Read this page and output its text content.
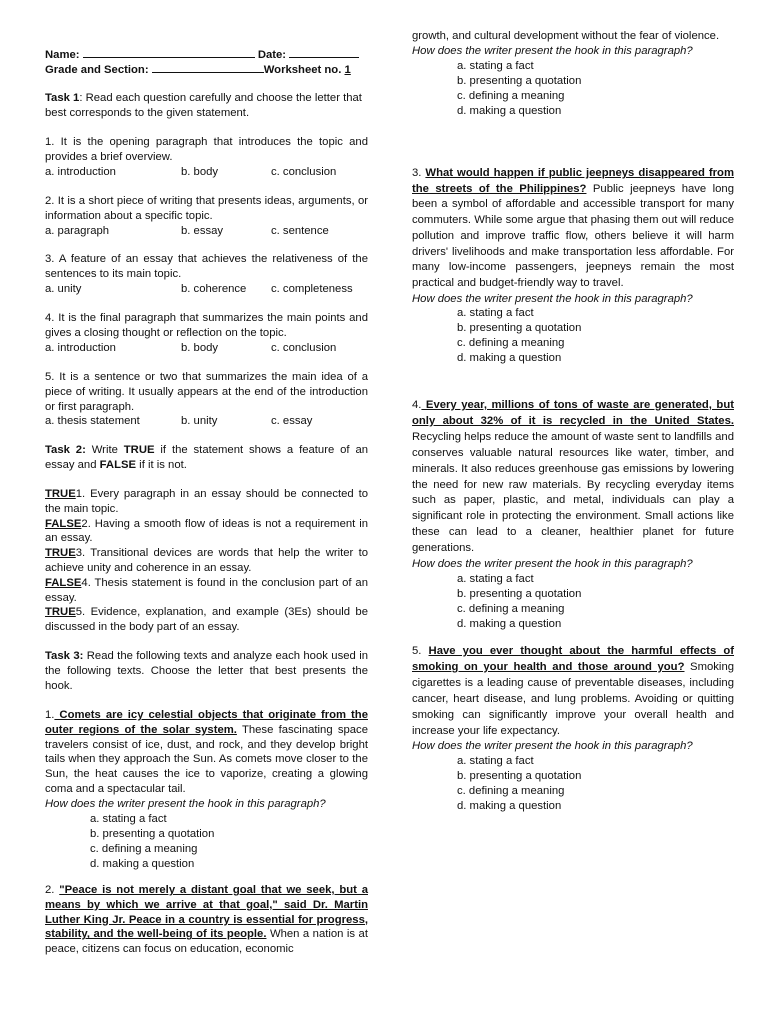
Name:	Date:
Grade and Section:	Worksheet no. 1
Task 1: Read each question carefully and choose the letter that best corresponds to the given statement.
1. It is the opening paragraph that introduces the topic and provides a brief overview.
a. introduction	b. body	c. conclusion
2. It is a short piece of writing that presents ideas, arguments, or information about a specific topic.
a. paragraph	b. essay	c. sentence
3. A feature of an essay that achieves the relativeness of the sentences to its main topic.
a. unity	b. coherence	c. completeness
4. It is the final paragraph that summarizes the main points and gives a closing thought or reflection on the topic.
a. introduction	b. body	c. conclusion
5. It is a sentence or two that summarizes the main idea of a piece of writing. It usually appears at the end of the introduction or first paragraph.
a. thesis statement	b. unity	c. essay
Task 2: Write TRUE if the statement shows a feature of an essay and FALSE if it is not.
TRUE1. Every paragraph in an essay should be connected to the main topic.
FALSE2. Having a smooth flow of ideas is not a requirement in an essay.
TRUE3. Transitional devices are words that help the writer to achieve unity and coherence in an essay.
FALSE4. Thesis statement is found in the conclusion part of an essay.
TRUE5. Evidence, explanation, and example (3Es) should be discussed in the body part of an essay.
Task 3: Read the following texts and analyze each hook used in the following texts. Choose the letter that best presents the hook.
1. Comets are icy celestial objects that originate from the outer regions of the solar system. These fascinating space travelers consist of ice, dust, and rock, and they develop bright tails when they approach the Sun. As comets move closer to the Sun, the heat causes the ice to vaporize, creating a glowing coma and a spectacular tail.
How does the writer present the hook in this paragraph?
a. stating a fact
b. presenting a quotation
c. defining a meaning
d. making a question
2. "Peace is not merely a distant goal that we seek, but a means by which we arrive at that goal," said Dr. Martin Luther King Jr. Peace in a country is essential for progress, stability, and the well-being of its people. When a nation is at peace, citizens can focus on education, economic
growth, and cultural development without the fear of violence.
How does the writer present the hook in this paragraph?
a. stating a fact
b. presenting a quotation
c. defining a meaning
d. making a question
3. What would happen if public jeepneys disappeared from the streets of the Philippines? Public jeepneys have long been a symbol of affordable and accessible transport for many commuters. While some argue that phasing them out will reduce pollution and improve traffic flow, others believe it will harm drivers' livelihoods and make transportation less affordable. For many low-income passengers, jeepneys remain the most practical and budget-friendly way to travel.
How does the writer present the hook in this paragraph?
a. stating a fact
b. presenting a quotation
c. defining a meaning
d. making a question
4. Every year, millions of tons of waste are generated, but only about 32% of it is recycled in the United States. Recycling helps reduce the amount of waste sent to landfills and conserves valuable natural resources like water, timber, and minerals. It also reduces greenhouse gas emissions by lowering the need for new raw materials. By recycling everyday items such as paper, plastic, and metal, individuals can play a significant role in protecting the environment. Small actions like these can lead to a cleaner, healthier planet for future generations.
How does the writer present the hook in this paragraph?
a. stating a fact
b. presenting a quotation
c. defining a meaning
d. making a question
5. Have you ever thought about the harmful effects of smoking on your health and those around you? Smoking cigarettes is a leading cause of preventable diseases, including cancer, heart disease, and lung problems. Avoiding or quitting smoking can significantly improve your overall health and increase your life expectancy.
How does the writer present the hook in this paragraph?
a. stating a fact
b. presenting a quotation
c. defining a meaning
d. making a question
